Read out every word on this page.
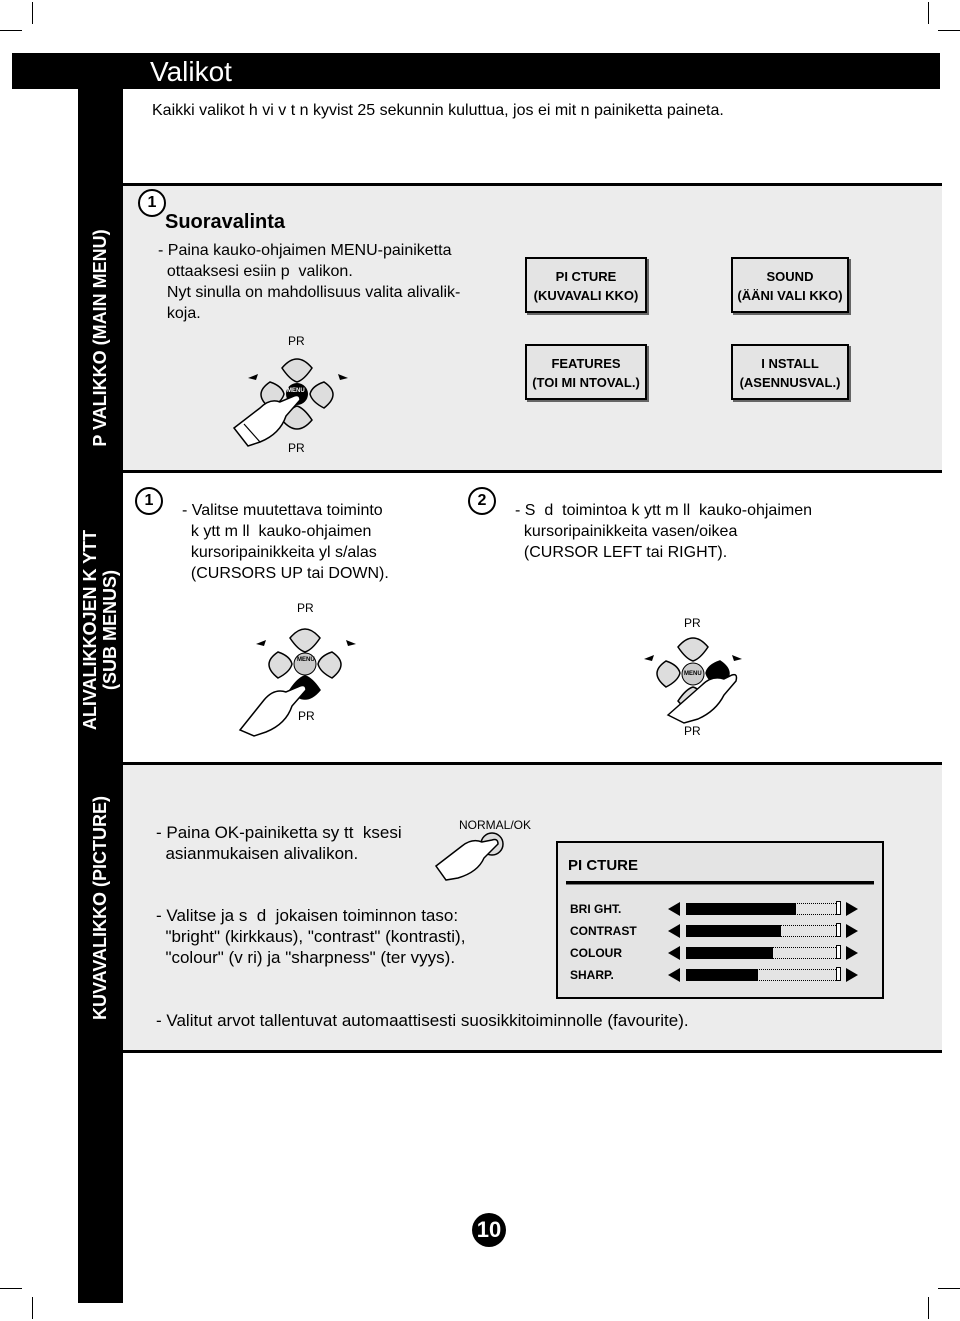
Valikot
Kaikki valikot h vi v t n kyvist 25 sekunnin kuluttua, jos ei mit n painiketta paineta.
P VALIKKO (MAIN MENU)
ALIVALIKKOJEN K YTT (SUB MENUS)
KUVAVALIKKO (PICTURE)
1
Suoravalinta
- Paina kauko-ohjaimen MENU-painiketta
ottaaksesi esiin p  valikon.
Nyt sinulla on mahdollisuus valita alivalik-
koja.
PR
PR
MENU
PI CTURE
(KUVAVALI KKO)
SOUND
(ÄÄNI VALI KKO)
FEATURES
(TOI MI NTOVAL.)
I NSTALL
(ASENNUSVAL.)
1
- Valitse muutettava toiminto
k ytt m ll  kauko-ohjaimen
kursoripainikkeita yl s/alas
(CURSORS UP tai DOWN).
2
- S  d  toimintoa k ytt m ll  kauko-ohjaimen
kursoripainikkeita vasen/oikea
(CURSOR LEFT tai RIGHT).
PR
PR
MENU
PR
PR
MENU
- Paina OK-painiketta sy tt  ksesi
asianmukaisen alivalikon.
NORMAL/OK
- Valitse ja s  d  jokaisen toiminnon taso:
"bright" (kirkkaus), "contrast" (kontrasti),
"colour" (v ri) ja "sharpness" (ter vyys).
- Valitut arvot tallentuvat automaattisesti suosikkitoiminnolle (favourite).
PI CTURE
BRI GHT.
CONTRAST
COLOUR
SHARP.
10
